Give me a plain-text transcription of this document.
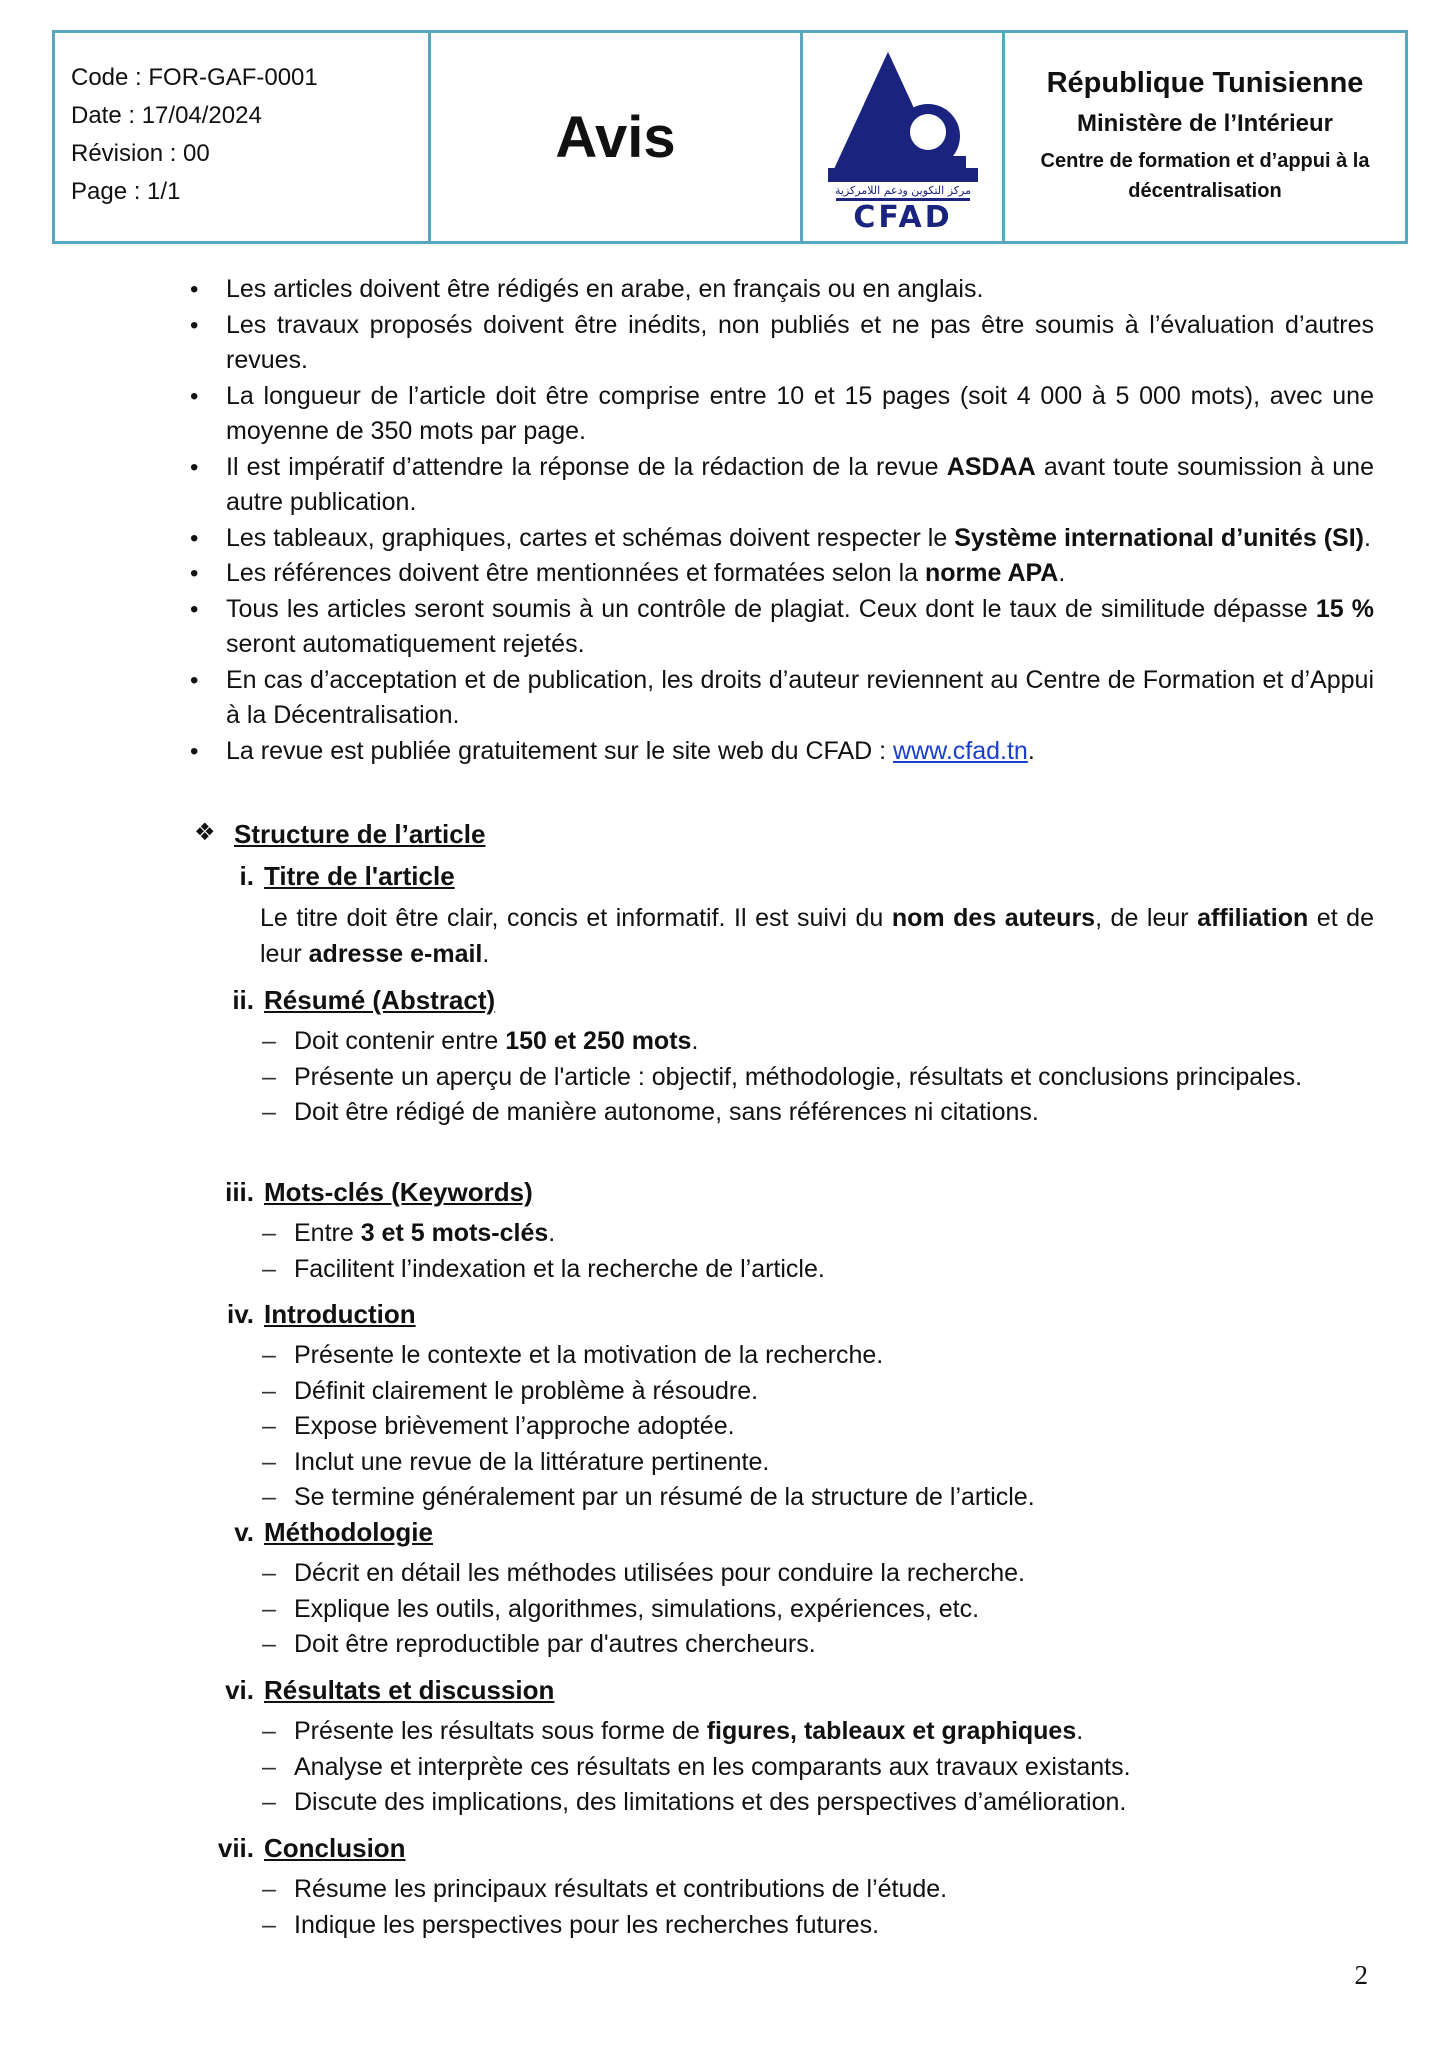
Code : FOR-GAF-0001
Date : 17/04/2024
Révision : 00
Page : 1/1
Avis
مركز التكوين ودعم اللامركزية
CFAD
République Tunisienne
Ministère de l’Intérieur
Centre de formation et d’appui à la décentralisation
• Les articles doivent être rédigés en arabe, en français ou en anglais.
• Les travaux proposés doivent être inédits, non publiés et ne pas être soumis à l’évaluation d’autres revues.
• La longueur de l’article doit être comprise entre 10 et 15 pages (soit 4 000 à 5 000 mots), avec une moyenne de 350 mots par page.
• Il est impératif d’attendre la réponse de la rédaction de la revue ASDAA avant toute soumission à une autre publication.
• Les tableaux, graphiques, cartes et schémas doivent respecter le Système international d’unités (SI).
• Les références doivent être mentionnées et formatées selon la norme APA.
• Tous les articles seront soumis à un contrôle de plagiat. Ceux dont le taux de similitude dépasse 15 % seront automatiquement rejetés.
• En cas d’acceptation et de publication, les droits d’auteur reviennent au Centre de Formation et d’Appui à la Décentralisation.
• La revue est publiée gratuitement sur le site web du CFAD : www.cfad.tn.
❖ Structure de l’article
i. Titre de l'article
Le titre doit être clair, concis et informatif. Il est suivi du nom des auteurs, de leur affiliation et de leur adresse e-mail.
ii. Résumé (Abstract)
– Doit contenir entre 150 et 250 mots.
– Présente un aperçu de l'article : objectif, méthodologie, résultats et conclusions principales.
– Doit être rédigé de manière autonome, sans références ni citations.
iii. Mots-clés (Keywords)
– Entre 3 et 5 mots-clés.
– Facilitent l’indexation et la recherche de l’article.
iv. Introduction
– Présente le contexte et la motivation de la recherche.
– Définit clairement le problème à résoudre.
– Expose brièvement l’approche adoptée.
– Inclut une revue de la littérature pertinente.
– Se termine généralement par un résumé de la structure de l’article.
v. Méthodologie
– Décrit en détail les méthodes utilisées pour conduire la recherche.
– Explique les outils, algorithmes, simulations, expériences, etc.
– Doit être reproductible par d'autres chercheurs.
vi. Résultats et discussion
– Présente les résultats sous forme de figures, tableaux et graphiques.
– Analyse et interprète ces résultats en les comparants aux travaux existants.
– Discute des implications, des limitations et des perspectives d’amélioration.
vii. Conclusion
– Résume les principaux résultats et contributions de l’étude.
– Indique les perspectives pour les recherches futures.
2
